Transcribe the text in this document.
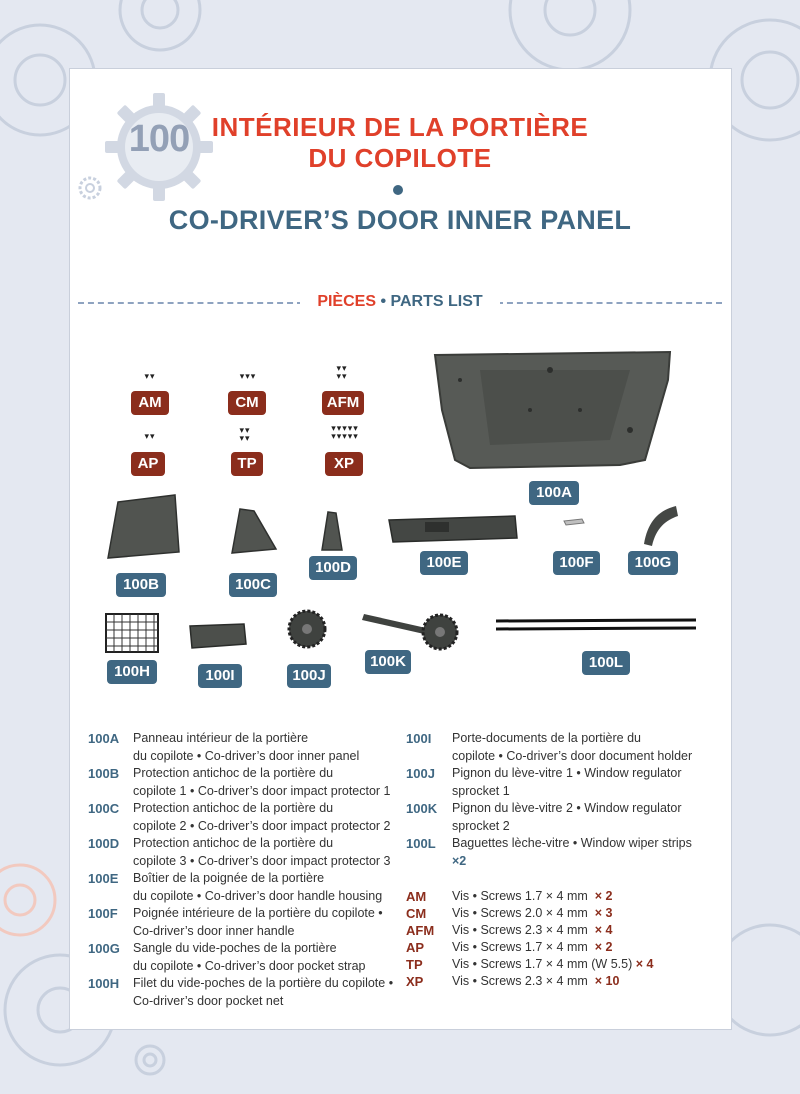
100 INTÉRIEUR DE LA PORTIÈRE
DU COPILOTE
CO-DRIVER’S DOOR INNER PANEL
PIÈCES • PARTS LIST
▾▾	▾▾▾
▾▾
▾▾
▾▾
▾▾
▾▾
▾▾▾▾▾
▾▾▾▾▾
AM	CM	AFM
AP	TP	XP
100A
100B	100C
100D	100E	100F	100G
100H	100I	100J
100K	100L
100A Panneau intérieur de la portière
du copilote • Co-driver’s door inner panel
100B Protection antichoc de la portière du
copilote 1 • Co-driver’s door impact protector 1
100C Protection antichoc de la portière du
copilote 2 • Co-driver’s door impact protector 2
100D Protection antichoc de la portière du
copilote 3 • Co-driver’s door impact protector 3
100E Boîtier de la poignée de la portière
du copilote • Co-driver’s door handle housing
100F Poignée intérieure de la portière du copilote •
Co-driver’s door inner handle
100G Sangle du vide-poches de la portière
du copilote • Co-driver’s door pocket strap
100H Filet du vide-poches de la portière du copilote •
Co-driver’s door pocket net
100I Porte-documents de la portière du
copilote • Co-driver’s door document holder
100J Pignon du lève-vitre 1 • Window regulator
sprocket 1
100K Pignon du lève-vitre 2 • Window regulator
sprocket 2
100L Baguettes lèche-vitre • Window wiper strips
×2
AM Vis • Screws 1.7 × 4 mm × 2
CM Vis • Screws 2.0 × 4 mm × 3
AFM Vis • Screws 2.3 × 4 mm × 4
AP Vis • Screws 1.7 × 4 mm × 2
TP Vis • Screws 1.7 × 4 mm (W 5.5) × 4
XP Vis • Screws 2.3 × 4 mm × 10
